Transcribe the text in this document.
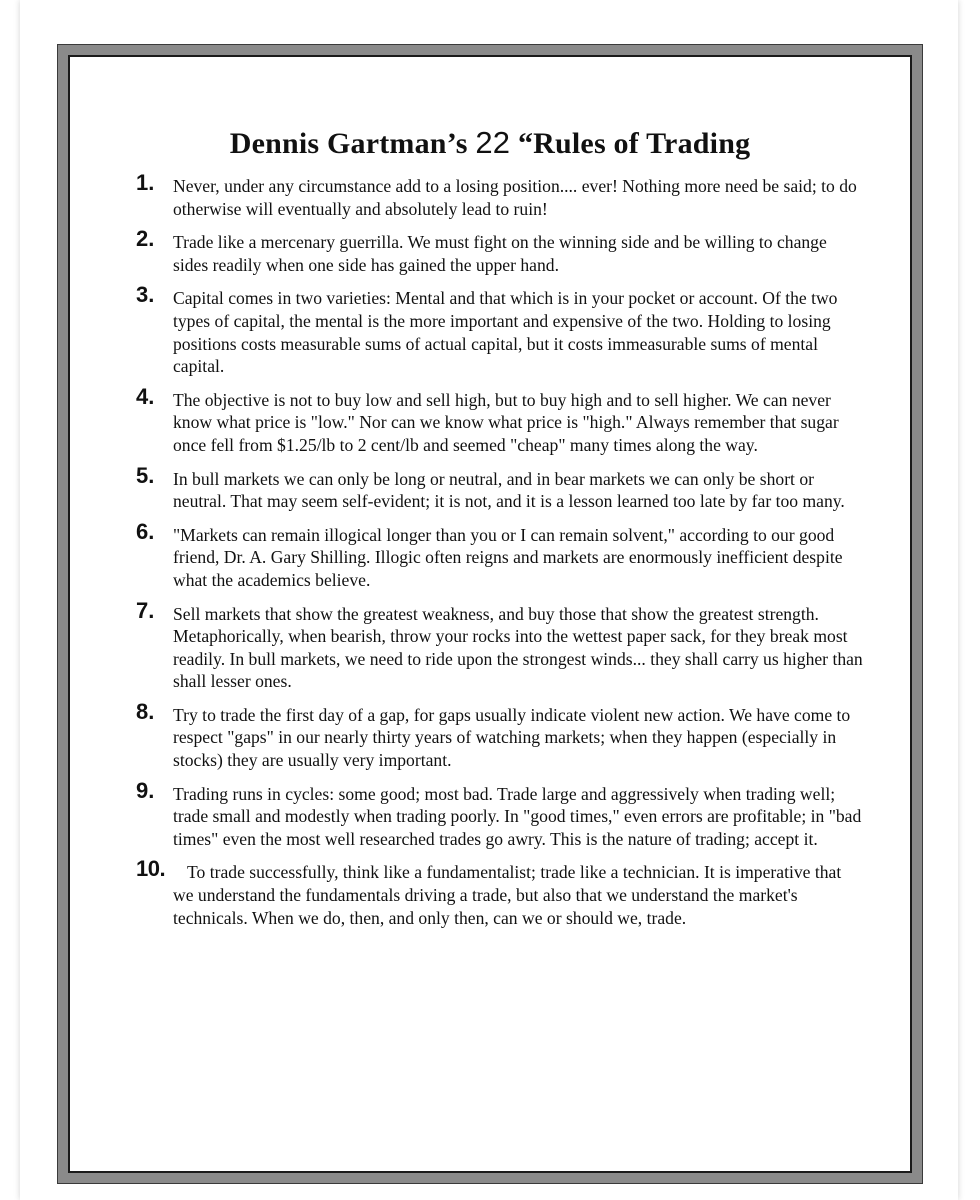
Dennis Gartman’s 22 “Rules of Trading
1. Never, under any circumstance add to a losing position.... ever! Nothing more need be said; to do otherwise will eventually and absolutely lead to ruin!

2. Trade like a mercenary guerrilla. We must fight on the winning side and be willing to change sides readily when one side has gained the upper hand.

3. Capital comes in two varieties: Mental and that which is in your pocket or account. Of the two types of capital, the mental is the more important and expensive of the two. Holding to losing positions costs measurable sums of actual capital, but it costs immeasurable sums of mental capital.

4. The objective is not to buy low and sell high, but to buy high and to sell higher. We can never know what price is "low." Nor can we know what price is "high." Always remember that sugar once fell from $1.25/lb to 2 cent/lb and seemed "cheap" many times along the way.

5. In bull markets we can only be long or neutral, and in bear markets we can only be short or neutral. That may seem self-evident; it is not, and it is a lesson learned too late by far too many.

6. "Markets can remain illogical longer than you or I can remain solvent," according to our good friend, Dr. A. Gary Shilling. Illogic often reigns and markets are enormously inefficient despite what the academics believe.

7. Sell markets that show the greatest weakness, and buy those that show the greatest strength. Metaphorically, when bearish, throw your rocks into the wettest paper sack, for they break most readily. In bull markets, we need to ride upon the strongest winds... they shall carry us higher than shall lesser ones.

8. Try to trade the first day of a gap, for gaps usually indicate violent new action. We have come to respect "gaps" in our nearly thirty years of watching markets; when they happen (especially in stocks) they are usually very important.

9. Trading runs in cycles: some good; most bad. Trade large and aggressively when trading well; trade small and modestly when trading poorly. In "good times," even errors are profitable; in "bad times" even the most well researched trades go awry. This is the nature of trading; accept it.

10.	To trade successfully, think like a fundamentalist; trade like a technician. It is imperative that we understand the fundamentals driving a trade, but also that we understand the market's technicals. When we do, then, and only then, can we or should we, trade.
